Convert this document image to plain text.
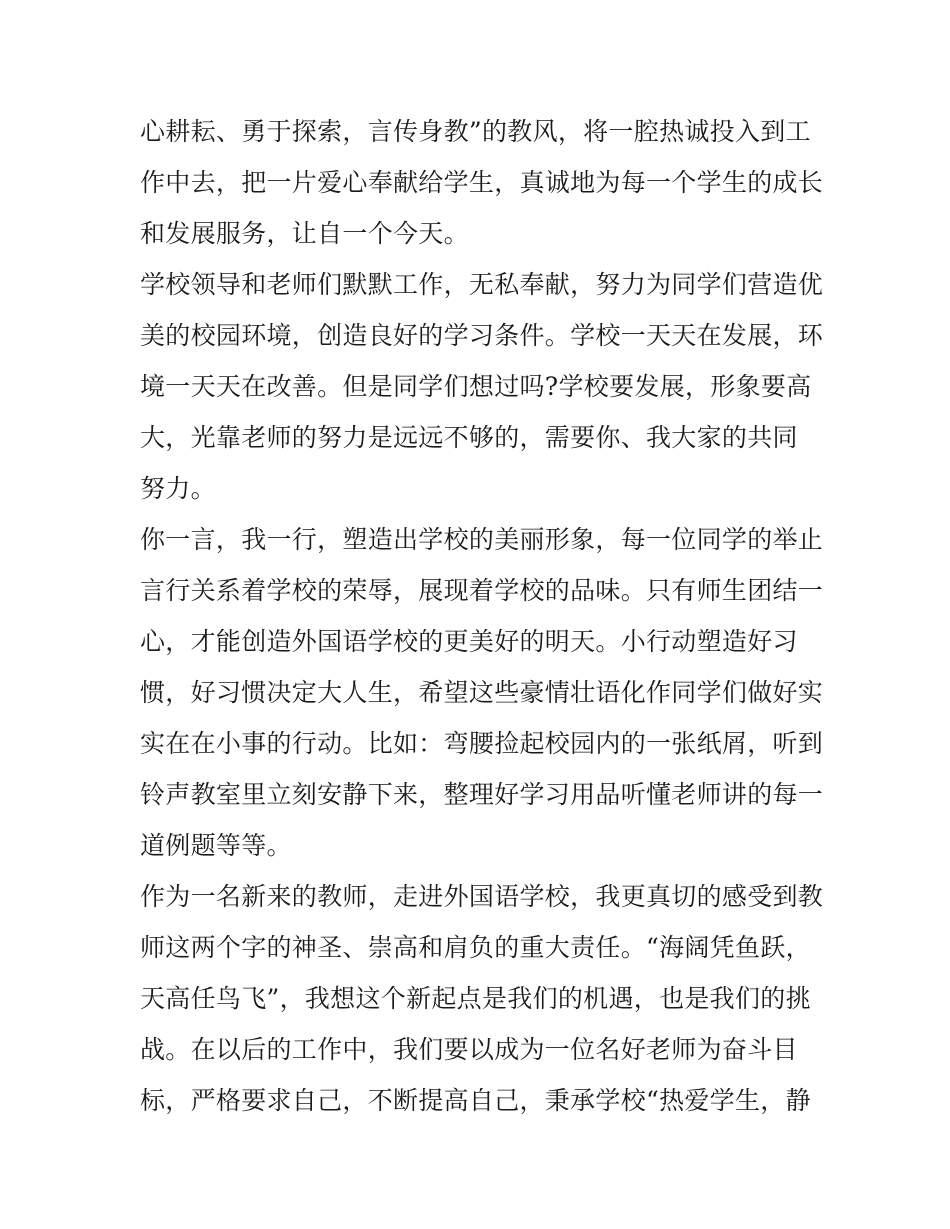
心耕耘、勇于探索，言传身教”的教风，将一腔热诚投入到工
作中去，把一片爱心奉献给学生，真诚地为每一个学生的成长
和发展服务，让自一个今天。
学校领导和老师们默默工作，无私奉献，努力为同学们营造优
美的校园环境，创造良好的学习条件。学校一天天在发展，环
境一天天在改善。但是同学们想过吗?学校要发展，形象要高
大，光靠老师的努力是远远不够的，需要你、我大家的共同
努力。
你一言，我一行，塑造出学校的美丽形象，每一位同学的举止
言行关系着学校的荣辱，展现着学校的品味。只有师生团结一
心，才能创造外国语学校的更美好的明天。小行动塑造好习
惯，好习惯决定大人生，希望这些豪情壮语化作同学们做好实
实在在小事的行动。比如：弯腰捡起校园内的一张纸屑，听到
铃声教室里立刻安静下来，整理好学习用品听懂老师讲的每一
道例题等等。
作为一名新来的教师，走进外国语学校，我更真切的感受到教
师这两个字的神圣、崇高和肩负的重大责任。“海阔凭鱼跃，
天高任鸟飞”，我想这个新起点是我们的机遇，也是我们的挑
战。在以后的工作中，我们要以成为一位名好老师为奋斗目
标，严格要求自己，不断提高自己，秉承学校“热爱学生，静
